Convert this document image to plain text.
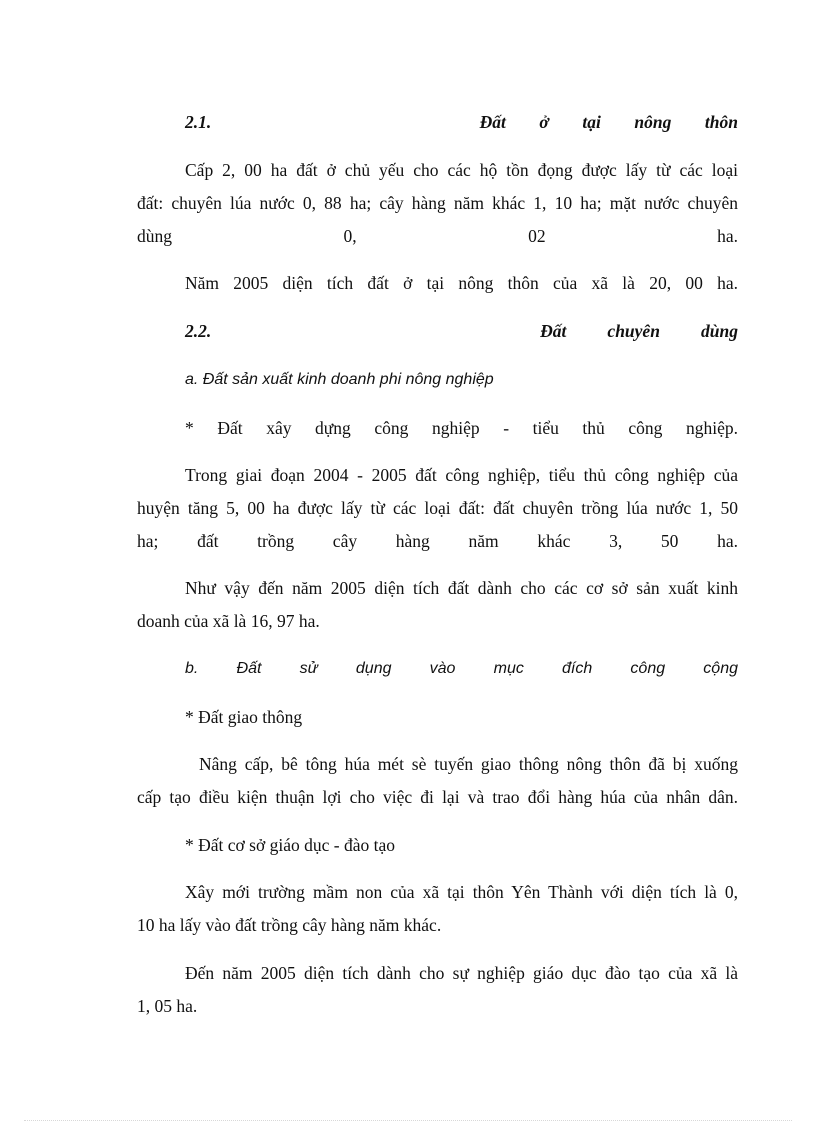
2.1.        Đất ở tại nông thôn
Cấp 2, 00 ha đất ở chủ yếu cho các hộ tồn đọng được lấy từ các loại
đất: chuyên lúa nước 0, 88 ha; cây hàng năm khác 1, 10 ha; mặt nước chuyên
dùng 0, 02 ha.
Năm 2005 diện tích đất ở tại nông thôn của xã là 20, 00 ha.
2.2.        Đất chuyên dùng
a. Đất sản xuất kinh doanh phi nông nghiệp
* Đất xây dựng công nghiệp - tiểu thủ công nghiệp.
Trong giai đoạn 2004 - 2005 đất công nghiệp, tiểu thủ công nghiệp của
huyện tăng 5, 00 ha được lấy từ các loại đất: đất chuyên trồng lúa nước 1, 50
ha; đất trồng cây hàng năm khác 3, 50 ha.
Như vậy đến năm 2005 diện tích đất dành cho các cơ sở sản xuất kinh
doanh của xã là 16, 97 ha.
b. Đất sử dụng vào mục đích công cộng
* Đất giao thông
Nâng cấp, bê tông húa mét sè tuyến giao thông nông thôn đã bị xuống
cấp tạo điều kiện thuận lợi cho việc đi lại và trao đổi hàng húa của nhân dân.
* Đất cơ sở giáo dục - đào tạo
Xây mới trường mầm non của xã tại thôn Yên Thành với diện tích là 0,
10 ha lấy vào đất trồng cây hàng năm khác.
Đến năm 2005 diện tích dành cho sự nghiệp giáo dục đào tạo của xã là
1, 05 ha.
